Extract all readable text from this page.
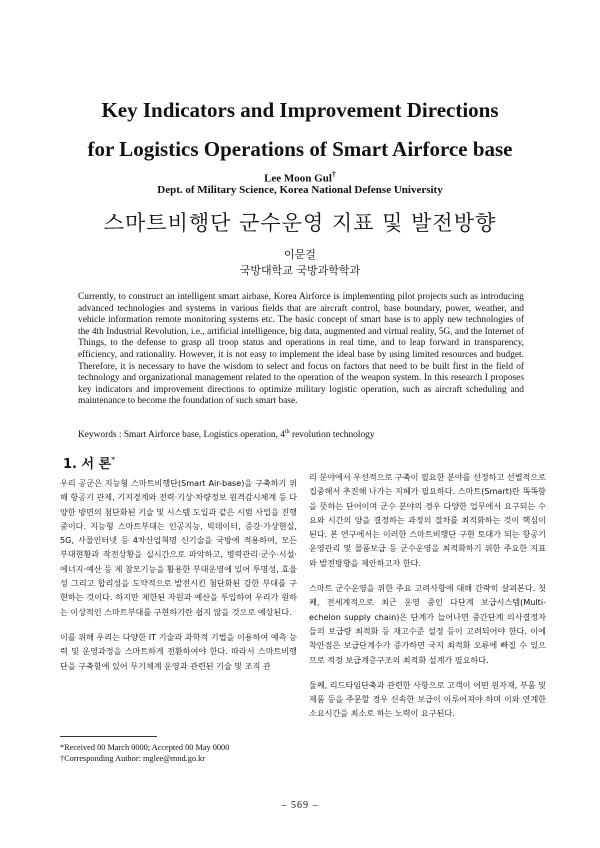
Key Indicators and Improvement Directions
for Logistics Operations of Smart Airforce base
Lee Moon Gul†
Dept. of Military Science, Korea National Defense University
스마트비행단 군수운영 지표 및 발전방향
이문걸
국방대학교 국방과학학과

Currently, to construct an intelligent smart airbase, Korea Airforce is implementing pilot projects such as introducing advanced technologies and systems in various fields that are aircraft control, base boundary, power, weather, and vehicle information remote monitoring systems etc. The basic concept of smart base is to apply new technologies of the 4th Industrial Revolution, i.e., artificial intelligence, big data, augmented and virtual reality, 5G, and the Internet of Things, to the defense to grasp all troop status and operations in real time, and to leap forward in transparency, efficiency, and rationality. However, it is not easy to implement the ideal base by using limited resources and budget. Therefore, it is necessary to have the wisdom to select and focus on factors that need to be built first in the field of technology and organizational management related to the operation of the weapon system. In this research I proposes key indicators and improvement directions to optimize military logistic operation, such as aircraft scheduling and maintenance to become the foundation of such smart base.

Keywords : Smart Airforce base, Logistics operation, 4th revolution technology
1. 서 론*

우리 공군은 지능형 스마트비행단(Smart Air-base)을 구축하기 위해 항공기 관제, 기지경계와 전력·기상·차량정보 원격감시체계 등 다양한 방면의 첨단화된 기술 및 시스템 도입과 같은 시범 사업을 진행 중이다. 지능형 스마트부대는 인공지능, 빅데이터, 증강·가상현실, 5G, 사물인터넷 등 4차산업혁명 신기술을 국방에 적용하여, 모든 부대현황과 작전상황을 실시간으로 파악하고, 병력관리·군수·시설·에너지·예산 등 제 참모기능을 활용한 부대운영에 있어 투명성, 효율성 그리고 합리성을 도약적으로 발전시킨 첨단화된 강한 부대를 구현하는 것이다. 하지만 제한된 자원과 예산을 투입하여 우리가 원하는 이상적인 스마트부대를 구현하기란 쉽지 않을 것으로 예상된다.

이를 위해 우리는 다양한 IT 기술과 과학적 기법을 이용하여 예측 능력 및 운영과정을 스마트하게 전환하여야 한다. 따라서 스마트비행단을 구축함에 있어 무기체계 운영과 관련된 기술 및 조직 관

리 분야에서 우선적으로 구축이 필요한 분야를 선정하고 선별적으로 집중해서 추진해 나가는 지혜가 필요하다. 스마트(Smart)란 똑똑함을 뜻하는 단어이며 군수 분야의 경우 다양한 업무에서 요구되는 수요와 시간의 양을 결정하는 과정의 절차를 최적화하는 것이 핵심이 된다. 본 연구에서는 이러한 스마트비행단 구현 토대가 되는 항공기 운영관리 및 물품보급 등 군수운영을 최적화하기 위한 주요한 지표와 발전방향을 제안하고자 한다.

스마트 군수운영을 위한 주요 고려사항에 대해 간략히 살펴본다. 첫째, 전세계적으로 최근 운영 중인 다단계 보급시스템(Multi-echelon supply chain)은 단계가 늘어나면 중간단계 의사결정자들의 보급량 최적화 등 재고수준 설정 등이 고려되어야 한다. 이에 착안점은 보급단계수가 증가하면 국지 최적화 오류에 빠질 수 있으므로 적정 보급계층구조의 최적화 설계가 필요하다.

둘째, 리드타임단축과 관련한 사항으로 고객이 어떤 원자재, 부품 및 제품 등을 주문할 경우 신속한 보급이 이루어져야 하며 이와 연계한 소요시간을 최소로 하는 노력이 요구된다.

*Received 00 March 0000; Accepted 00 May 0000
†Corresponding Author: mglee@mnd.go.kr
‒ 569 ‒
